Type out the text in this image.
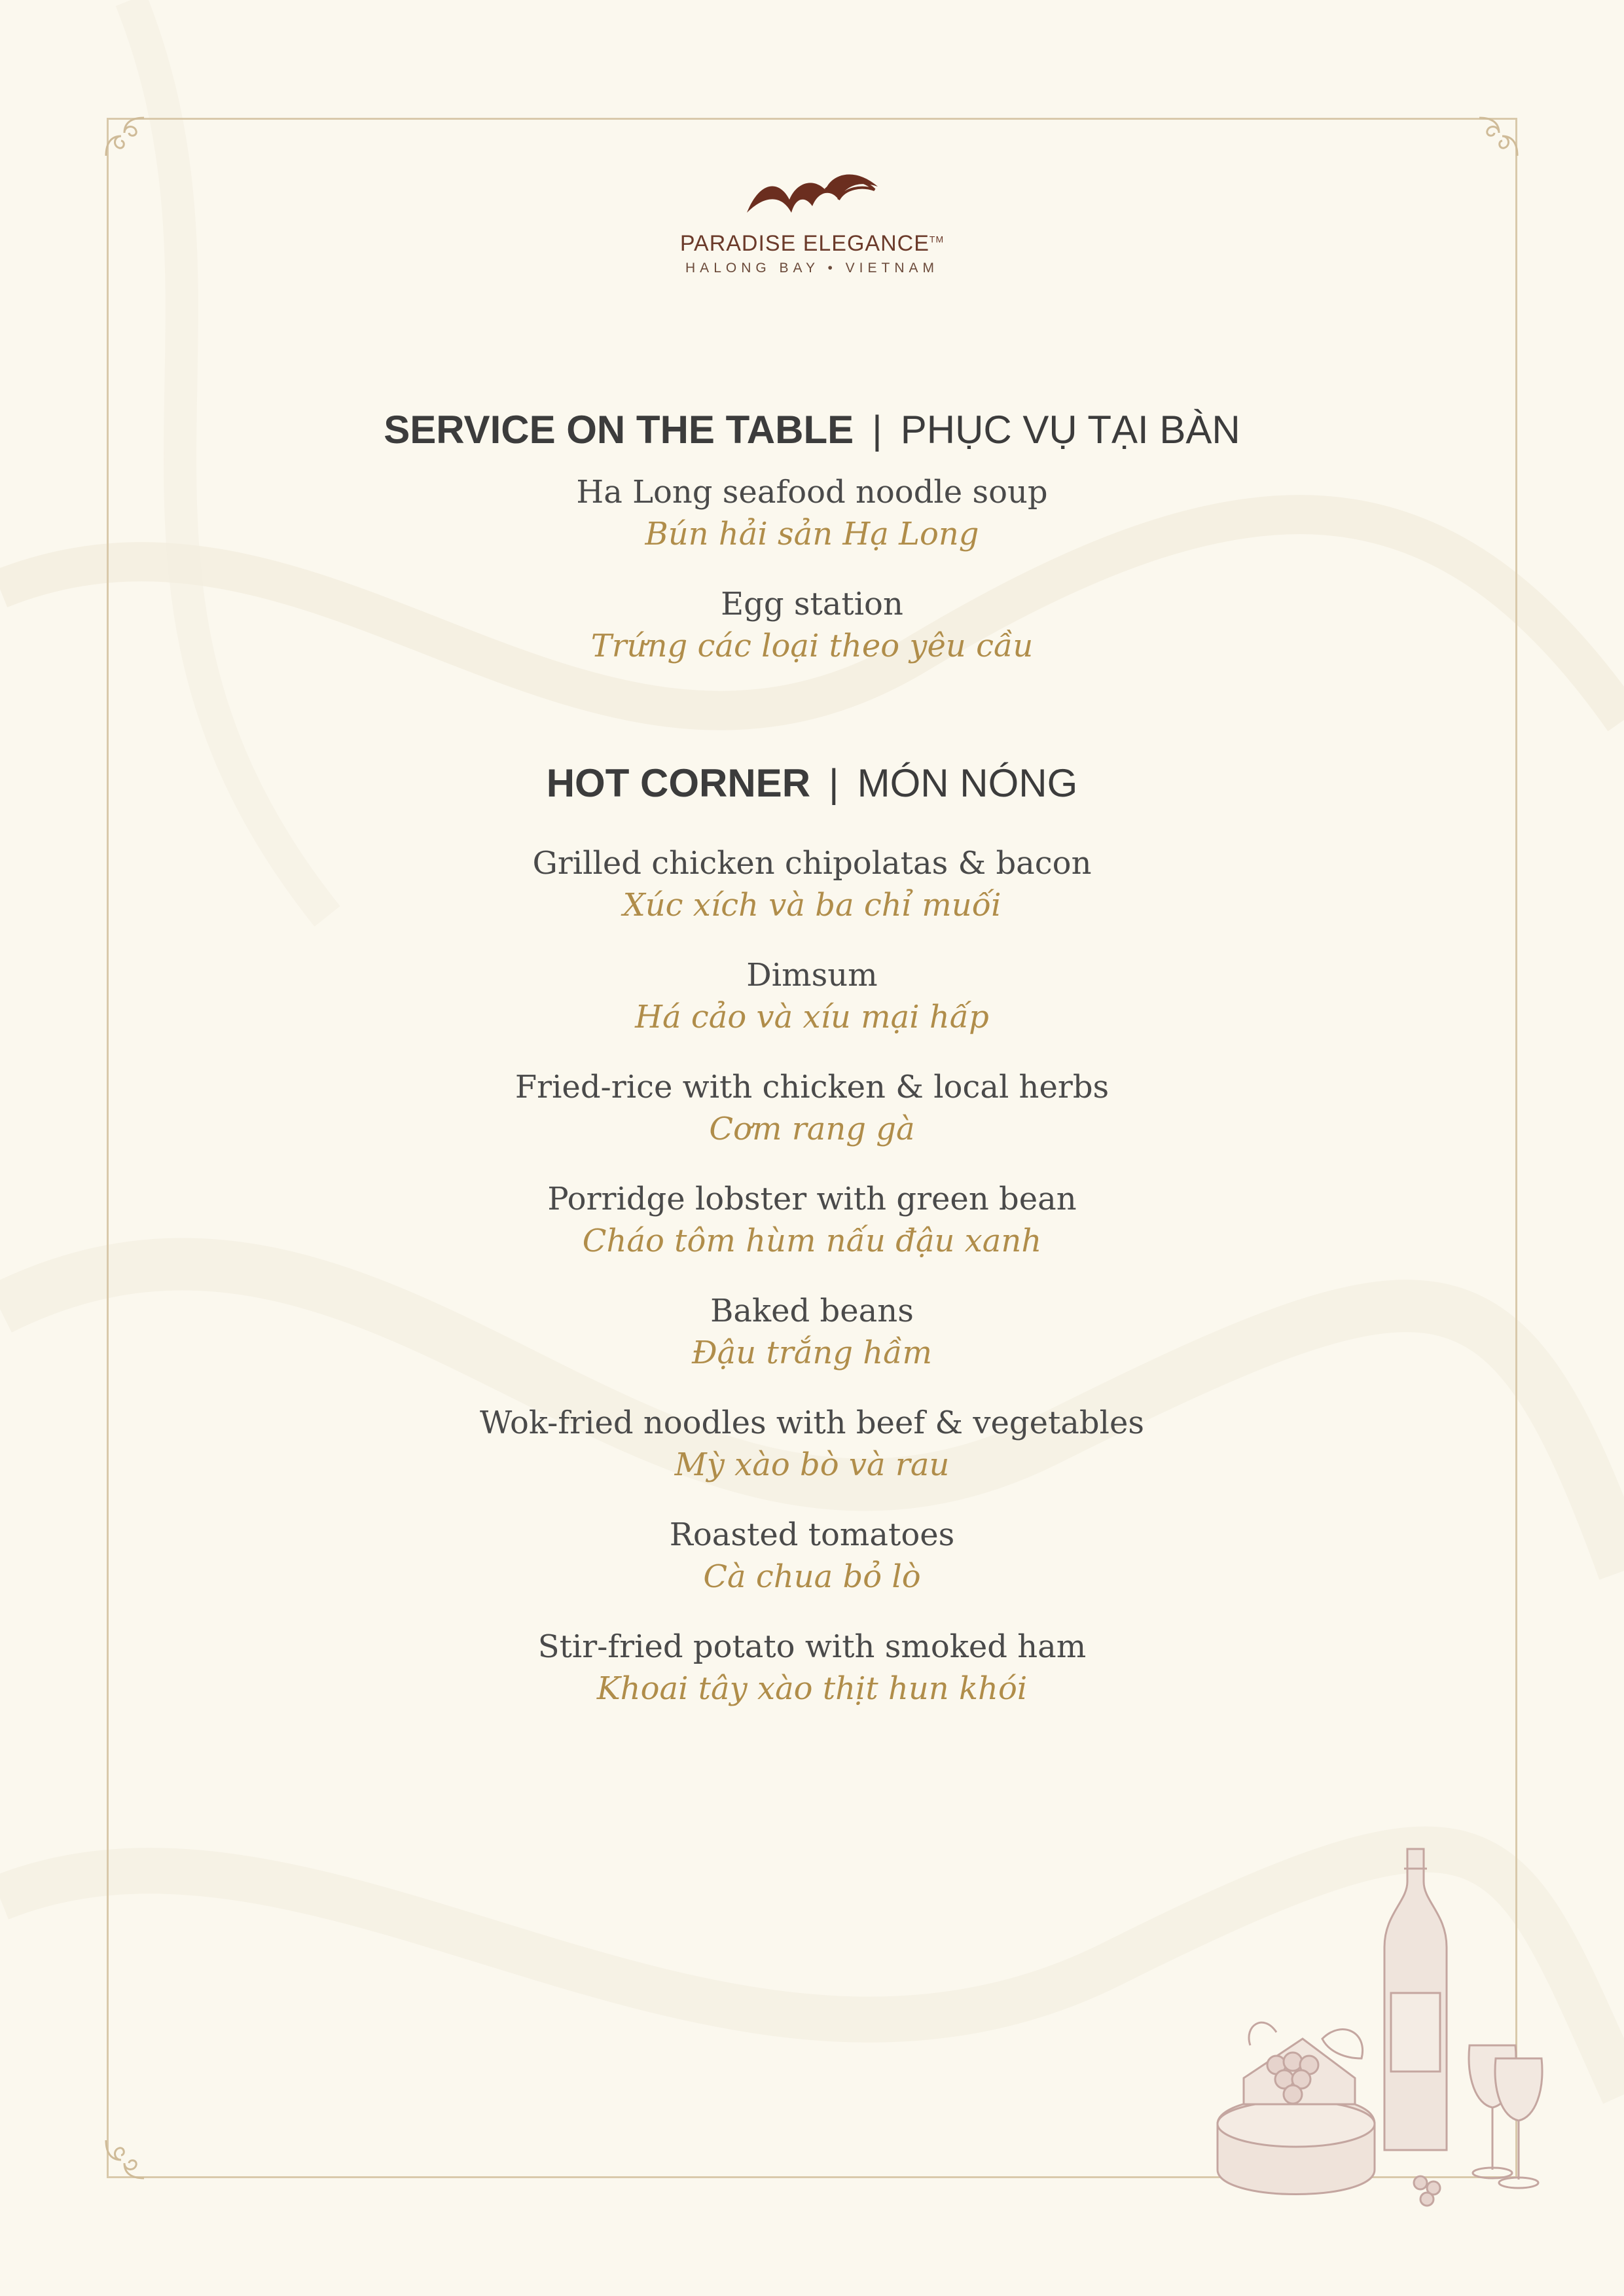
PARADISE ELEGANCE™
HALONG BAY • VIETNAM
SERVICE ON THE TABLE | PHỤC VỤ TẠI BÀN
Ha Long seafood noodle soup
Bún hải sản Hạ Long
Egg station
Trứng các loại theo yêu cầu
HOT CORNER | MÓN NÓNG
Grilled chicken chipolatas & bacon
Xúc xích và ba chỉ muối
Dimsum
Há cảo và xíu mại hấp
Fried-rice with chicken & local herbs
Cơm rang gà
Porridge lobster with green bean
Cháo tôm hùm nấu đậu xanh
Baked beans
Đậu trắng hầm
Wok-fried noodles with beef & vegetables
Mỳ xào bò và rau
Roasted tomatoes
Cà chua bỏ lò
Stir-fried potato with smoked ham
Khoai tây xào thịt hun khói
